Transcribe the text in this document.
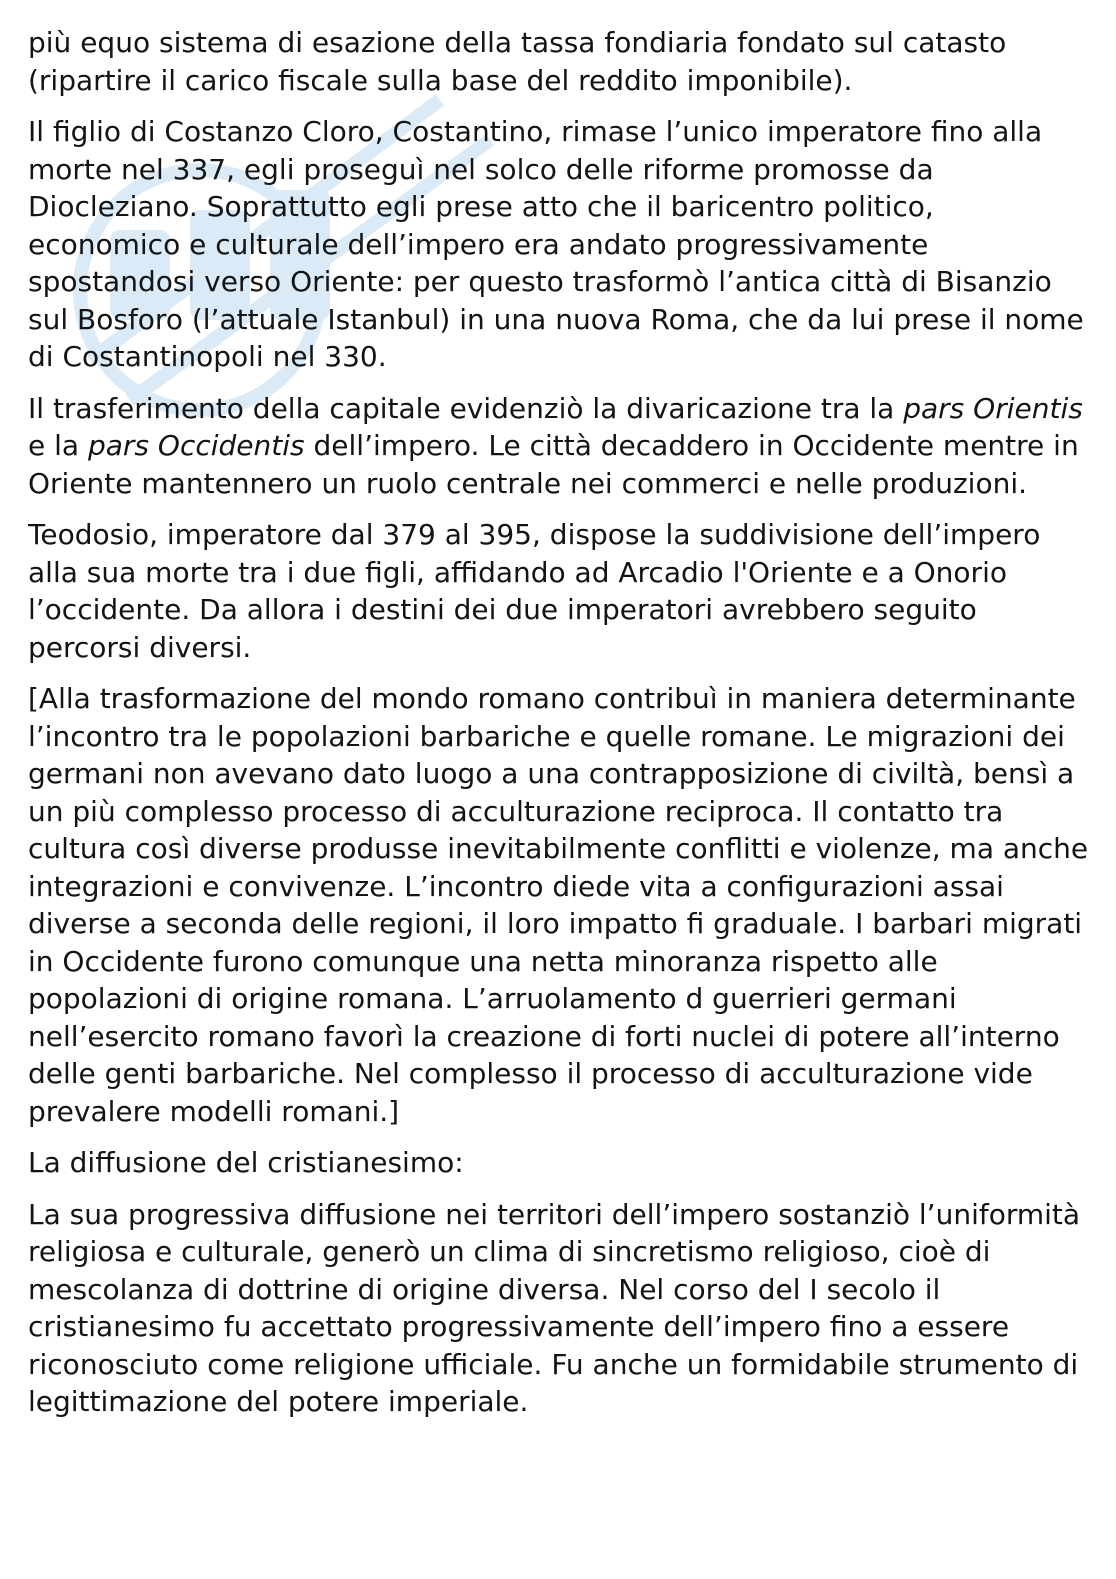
più equo sistema di esazione della tassa fondiaria fondato sul catasto (ripartire il carico fiscale sulla base del reddito imponibile).

Il figlio di Costanzo Cloro, Costantino, rimase l’unico imperatore fino alla morte nel 337, egli proseguì nel solco delle riforme promosse da Diocleziano. Soprattutto egli prese atto che il baricentro politico, economico e culturale dell’impero era andato progressivamente spostandosi verso Oriente: per questo trasformò l’antica città di Bisanzio sul Bosforo (l’attuale Istanbul) in una nuova Roma, che da lui prese il nome di Costantinopoli nel 330.

Il trasferimento della capitale evidenziò la divaricazione tra la pars Orientis e la pars Occidentis dell’impero. Le città decaddero in Occidente mentre in Oriente mantennero un ruolo centrale nei commerci e nelle produzioni.

Teodosio, imperatore dal 379 al 395, dispose la suddivisione dell’impero alla sua morte tra i due figli, affidando ad Arcadio l'Oriente e a Onorio l’occidente. Da allora i destini dei due imperatori avrebbero seguito percorsi diversi.

[Alla trasformazione del mondo romano contribuì in maniera determinante l’incontro tra le popolazioni barbariche e quelle romane. Le migrazioni dei germani non avevano dato luogo a una contrapposizione di civiltà, bensì a un più complesso processo di acculturazione reciproca. Il contatto tra cultura così diverse produsse inevitabilmente conflitti e violenze, ma anche integrazioni e convivenze. L’incontro diede vita a configurazioni assai diverse a seconda delle regioni, il loro impatto fi graduale. I barbari migrati in Occidente furono comunque una netta minoranza rispetto alle popolazioni di origine romana. L’arruolamento d guerrieri germani nell’esercito romano favorì la creazione di forti nuclei di potere all’interno delle genti barbariche. Nel complesso il processo di acculturazione vide prevalere modelli romani.]

La diffusione del cristianesimo:

La sua progressiva diffusione nei territori dell’impero sostanziò l’uniformità religiosa e culturale, generò un clima di sincretismo religioso, cioè di mescolanza di dottrine di origine diversa. Nel corso del I secolo il cristianesimo fu accettato progressivamente dell’impero fino a essere riconosciuto come religione ufficiale. Fu anche un formidabile strumento di legittimazione del potere imperiale.
